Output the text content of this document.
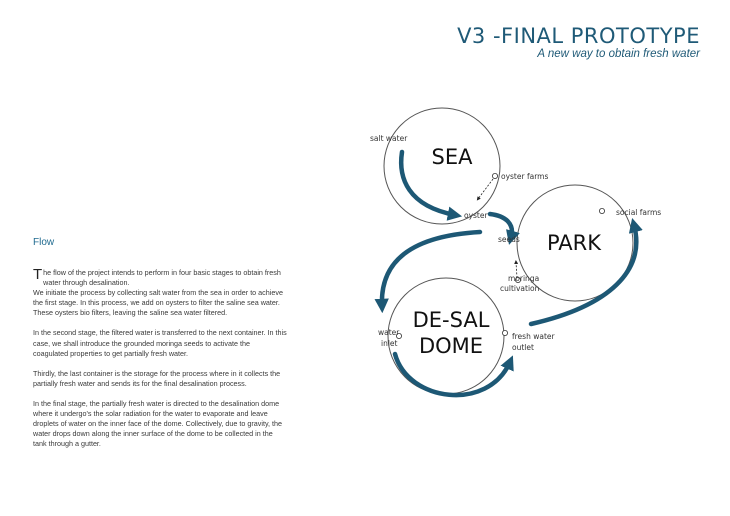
V3 -FINAL PROTOTYPE
A new way to obtain fresh water
Flow

The flow of the project intends to perform in four basic stages to obtain fresh water through desalination.

We initiate the process by collecting salt water from the sea in order to achieve the first stage. In this process, we add on oysters to filter the saline sea water. These oysters bio filters, leaving the saline sea water filtered.

In the second stage, the filtered water is transferred to the next container. In this case, we shall introduce the grounded moringa seeds to activate the coagulated properties to get partially fresh water.

Thirdly, the last container is the storage for the process where in it collects the partially fresh water and sends its for the final desalination process.

In the final stage, the partially fresh water is directed to the desalination dome where it undergo's the solar radiation for the water to evaporate and leave droplets of water on the inner face of the dome. Collectively, due to gravity, the water drops down along the inner surface of the dome to be collected in the tank through a gutter.

SEA
PARK
DE-SAL
DOME
salt water
oyster farms
oyster
seeds
social farms
moringa
cultivation
water
inlet
fresh water
outlet
